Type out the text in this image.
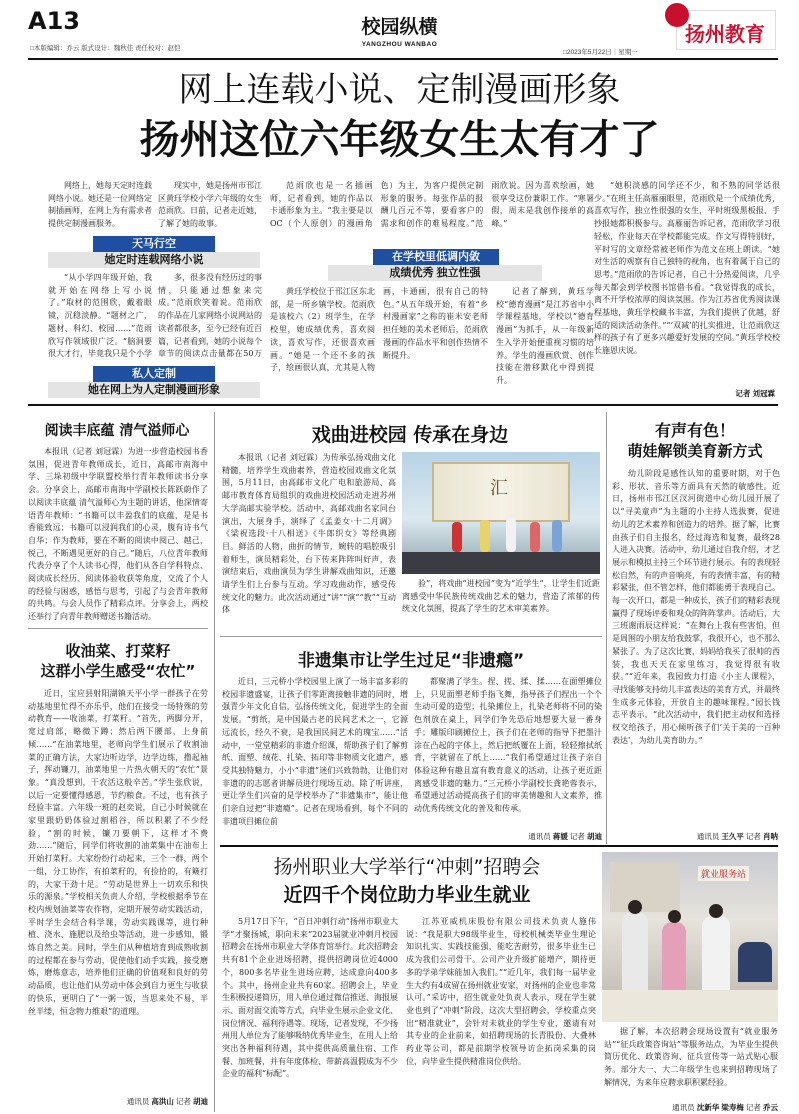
A13
□本版编辑：乔云 版式设计：魏秋佳 责任校对：赵恺
校园纵横
YANGZHOU WANBAO
□2023年5月22日｜星期一
扬州教育
网上连载小说、定制漫画形象
扬州这位六年级女生太有才了
网络上，她每天定时连载网络小说。她还是一位网络定制插画师，在网上为有需求者提供定制漫画服务。
天马行空
她定时连载网络小说
“从小学四年级开始，我就开始在网络上写小说了。”取材的范围欣，戴着眼镜，沉稳淡静。“题材之广，题材、科幻、校园……”范雨欣写作领域很广泛。“脑洞要很大才行，毕竟我只是个小学
现实中，她是扬州市邗江区黄珏学校小学六年级的女生范雨欣。日前，记者走近她，了解了她的故事。
多，很多没有经历过的事情，只能通过想象来完成。”范雨欣笑着说。范雨欣的作品在几家网络小说网站的读者都很多，至今已经有近百篇，记者看到，她的小说每个章节的阅读点击量都在50万
私人定制
她在网上为人定制漫画形象
范雨欣也是一名插画师，记者看到，她的作品以卡通形象为主。“我主要是以OC（个人原创）的漫画角色）为主，为客户提供定制形象的服务。每张作品的报酬几百元不等，要看客户的需求和创作的难易程度。”范雨欣说。因为喜欢绘画，她很享受这份兼职工作。“寒暑假，周末是我创作接单的高峰。”
在学校里低调内敛
成绩优秀 独立性强
黄珏学校位于邗江区东北部，是一所乡镇学校。范雨欣是该校六（2）班学生，在学校里，她成绩优秀，喜欢阅读，喜欢写作，还很喜欢画画。“她是一个还不多的孩子，绘画很认真，尤其是人物画，卡通画，很有自己的特色。”从五年级开始，有着“乡村漫画家”之称的崔米安老师担任她的美术老师后，范雨欣漫画的作品水平和创作热情不断提升。
记者了解到，黄珏学校“德育漫画”是江苏省中小学课程基地，学校以“德育漫画”为抓手，从一年级新生入学开始便重视习惯的培养。学生的漫画欣赏、创作技能在潜移默化中得到提升。
“她积淡感的同学还不少，和不熟的同学话很少。”在班主任高雁丽眼里，范雨欣是一个成绩优秀，喜欢写作，独立性很强的女生，平时班级黑板报、手抄报她都积极参与。高雁丽告诉记者，范雨欣学习很轻松，作业每天在学校都能完成。作文写得特别好，平时写的文章经常被老师作为范文在班上朗读。“她对生活的观察有自己独特的视角，也有着属于自己的思考。”范雨欣的告诉记者，自己十分热爱阅读，几乎每天都会到学校图书馆借书看。“我觉得我的成长，离不开学校浓厚的阅读氛围。作为江苏省优秀阅读课程基地，黄珏学校藏书丰富，为我们提供了优越，舒适的阅读活动条件。”“‘双减’的扎实推进，让范雨欣这样的孩子有了更多兴趣爱好发展的空间。”黄珏学校校长施恩庆说。
记者 刘冠霖
阅读丰底蕴 清气溢师心
本报讯（记者 刘冠霖）为进一步营造校园书香氛围，促进青年教师成长，近日，高邮市南海中学、三垛初级中学联盟校举行青年教师读书分享会。分享会上，高邮市南海中学副校长陈跃蔚作了以阅读丰底蕴 清气溢师心为主题的讲话，他深情寄语青年教师：“书籍可以丰盈我们的底蕴，是是书香能致远；书籍可以浸润我们的心灵，腹有诗书气自华；作为教师，要在不断的阅读中阅己、越己，悦己，不断遇见更好的自己。”随后，八位青年教师代表分享了个人读书心得，他们从各自学科特点、阅读成长经历、阅读体验收获等角度，交流了个人的经验与困惑，感悟与思考，引起了与会青年教师的共鸣。与会人员作了精彩点评。分享会上，两校还举行了向青年教师赠送书籍活动。
收油菜、打菜籽
这群小学生感受“农忙”
近日，宝应县射阳湖镇天平小学一群孩子在劳动基地里忙得不亦乐乎，他们在接受一场特殊的劳动教育——收油菜，打菜籽。“首先，两脚分开，宽过肩部，略微下蹲；然后两下腰部，上身前倾……”在油菜地里，老师向学生们展示了收割油菜的正确方法，大家边听边学，边学边练，撸起袖子，挥动镰刀，油菜地里一片热火朝天的“农忙”景象。“真没想到，干农活这般辛苦。”学生张欣说，以后一定要懂得感恩，节约粮食。不过，也有孩子经验丰富。六年级一班的赵奕说，自己小时候就在家里跟奶奶体验过割稻谷，所以积累了不少经验，“割的时候，镰刀要朝下，这样才不费劲……”随后，同学们将收割的油菜集中在油布上开始打菜籽。大家纷纷行动起来，三个一群，两个一组，分工协作，有拍菜籽的，有捡拾的，有簸打的，大家干劲十足。“劳动是世界上一切欢乐和快乐的源泉。”学校相关负责人介绍，学校根据季节在校内规划油菜等农作物，定期开展劳动实践活动，平时学生会结合科学课，劳动实践课等，进行种植、浇水、施肥以及给虫等活动，进一步感知，锻炼自然之美。同时，学生们从种植培育到成熟收割的过程都在参与劳动，促使他们动手实践，接受磨炼，磨炼意志，培养他们正确的价值观和良好的劳动品质，也让他们从劳动中体会到自力更生与收获的快乐，更明白了“一粥一饭，当思来处不易，半丝半缕，恒念物力维艰”的道理。
通讯员 高洪山 记者 胡迪
戏曲进校园 传承在身边
本报讯（记者 刘冠霖）为传承弘扬戏曲文化精髓，培养学生戏曲素养，营造校园戏曲文化氛围，5月11日，由高邮市文化广电和旅游局、高邮市教育体育局组织的戏曲进校园活动走进苏州大学高邮实验学校。活动中，高邮戏曲名家同台演出，大展身手，演绎了《孟姜女·十二月调》《梁祝选段·十八相送》《牛郎织女》等经典剧目。鲜活的人物，曲折的情节，婉转的唱腔吸引着师生，演员精彩处，台下传来阵阵叫好声，表演结束后，戏曲演员为学生讲解戏曲知识，还邀请学生们上台参与互动。学习戏曲动作，感受传统文化的魅力。此次活动通过“讲”“演”“教”“互动体
汇
验”，将戏曲“进校园”变为“近学生”，让学生们近距离感受中华民族传统戏曲艺术的魅力，营造了浓郁的传统文化氛围，提高了学生的艺术审美素养。
非遗集市让学生过足“非遗瘾”
近日，三元桥小学校园里上演了一场丰富多彩的校园非遗盛宴，让孩子们零距离接触非遗的同时，增强青少年文化自信，弘扬传统文化，促进学生的全面发展。“剪纸，是中国最古老的民间艺术之一，它源远流长，经久不衰，是我国民间艺术的瑰宝……”活动中，一堂堂精彩的非遗介绍课，帮助孩子们了解剪纸、面塑、绒花、扎染、拓印等非物质文化遗产，感受其独特魅力，小小“非遗”迷们兴致勃勃，让他们对非遗的的志愿者讲解员进行现场互动。除了听讲座，更让学生们兴奋的是学校举办了“非遗集市”，能让他们亲自过把“非遗瘾”。记者在现场看到，每个不同的非遗项目摊位前
都聚满了学生。捏、搓、揉、揉……在面塑摊位上，只见面塑老师手指飞舞，指导孩子们捏出一个个生动可爱的造型；扎染摊位上，扎染老师将不同的染色剂放在桌上，同学们争先恐后地想要大显一番身手；雕版印刷摊位上，孩子们在老师的指导下把墨汁涂在凸起的字体上，然后把纸覆在上面，轻轻擦拭纸背，字就留在了纸上……“我们希望通过让孩子亲自体验这种有趣且富有教育意义的活动，让孩子更近距离感受非遗的魅力。”三元桥小学副校长龚艳蓉表示，希望通过活动提高孩子们的审美情趣和人文素养，推动优秀传统文化的普及和传承。
通讯员 蒋媛 记者 胡迪
有声有色！
萌娃解锁美育新方式
幼儿阶段是感性认知的重要时期，对于色彩、形状、音乐等方面具有天然的敏感性。近日，扬州市邗江区汊河街道中心幼儿园开展了以“寻美童声”为主题的小主持人选拔赛，促进幼儿的艺术素养和创造力的培养。据了解，比赛由孩子们自主报名，经过海选和复赛，最终28人进入决赛。活动中，幼儿通过自我介绍，才艺展示和模拟主持三个环节进行展示。有的表现轻松自然，有的声音响亮，有的表情丰富，有的精彩紧张，但不管怎样，他们都能勇于表现自己。每一次开口，都是一种成长，孩子们的精彩表现赢得了现场评委和观众的阵阵掌声。活动后，大三班谢雨辰这样说：“在舞台上我有些害怕，但是周围的小朋友给我鼓掌，我很开心，也不那么紧张了。为了这次比赛，妈妈给我买了很帅的西装，我也天天在家里练习，我觉得很有收获。”“近年来，我园致力打造《小主人课程》，寻找能够支持幼儿丰富表达的美育方式，并最终生成多元体验，开放自主的趣味课程。”园长钱志平表示，“此次活动中，我们把主动权和选择权交给孩子，用心倾听孩子们‘关于美的一百种表达’，为幼儿美育助力。”
通讯员 王久平 记者 肖呐
扬州职业大学举行“冲刺”招聘会
近四千个岗位助力毕业生就业
5月17日下午，“百日冲刺行动”扬州市职业大学“才聚扬城，职向未来”2023届就业冲刺月校园招聘会在扬州市职业大学体育馆举行。此次招聘会共有81个企业进场招聘，提供招聘岗位近4000个，800多名毕业生进场应聘，达成意向400多个。其中，扬州企业共有60家。招聘会上，毕业生积极投递简历，用人单位通过微信推送、海报展示、面对面交流等方式，向毕业生展示企业文化、岗位情况、福利待遇等。现场，记者发现，不少扬州用人单位为了能够吸纳优秀毕业生，在用人上给突出各种福利待遇，其中提供高质量住宿、工作餐、加班餐，并有年度体检、带薪高温假成为不少企业的福利“标配”。
江苏亚威机床股份有限公司技术负责人施伟说：“我是职大98级毕业生，母校机械类毕业生理论知识扎实、实践技能强，能吃苦耐劳，很多毕业生已成为我们公司骨干。公司产业升级扩能增产，期待更多的学弟学妹能加入我们。”“近几年，我们每一届毕业生大约有4成留在扬州就业安家，对扬州的企业也非常认可。”采访中，招生就业处负责人表示，现在学生就业也到了“冲刺”阶段，这次大型招聘会，学校重点突出“精准就业”，会针对未就业的学生专业，邀请有对其专业的企业前来，如招聘现场的长青股份、大叠林药业等公司，都是前期学校领导访企拓岗采集的岗位，向毕业生提供精准岗位供给。
就业服务站
据了解，本次招聘会现场设置有“就业服务站”“征兵政策咨询站”等服务站点，为毕业生提供简历优化、政策咨询、征兵宣传等一站式贴心服务。部分大一、大二年级学生也来到招聘现场了解情况，为来年应聘求职积累经验。
通讯员 沈新华 梁寿梅 记者 乔云
